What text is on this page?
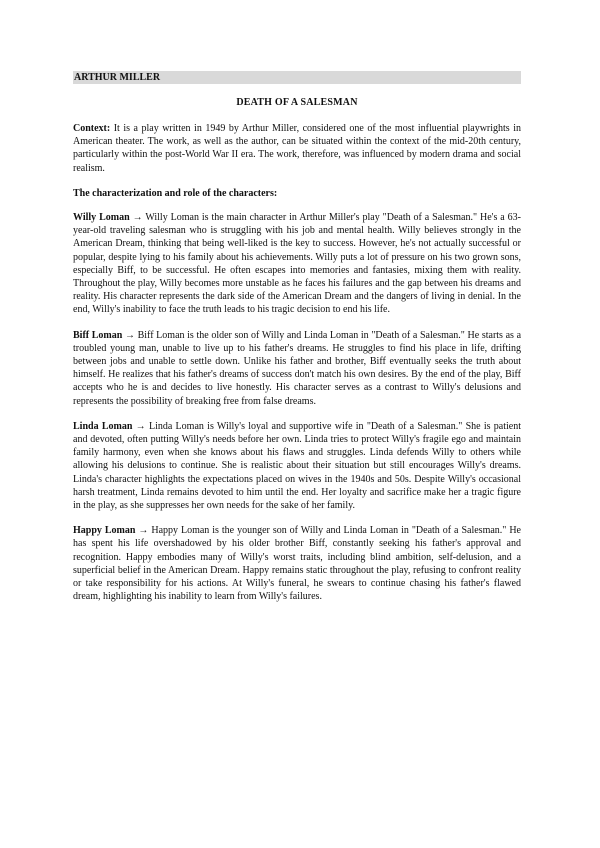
ARTHUR MILLER
DEATH OF A SALESMAN

Context: It is a play written in 1949 by Arthur Miller, considered one of the most influential playwrights in American theater. The work, as well as the author, can be situated within the context of the mid-20th century, particularly within the post-World War II era. The work, therefore, was influenced by modern drama and social realism.

The characterization and role of the characters:

Willy Loman → Willy Loman is the main character in Arthur Miller's play "Death of a Salesman." He's a 63-year-old traveling salesman who is struggling with his job and mental health. Willy believes strongly in the American Dream, thinking that being well-liked is the key to success. However, he's not actually successful or popular, despite lying to his family about his achievements. Willy puts a lot of pressure on his two grown sons, especially Biff, to be successful. He often escapes into memories and fantasies, mixing them with reality. Throughout the play, Willy becomes more unstable as he faces his failures and the gap between his dreams and reality. His character represents the dark side of the American Dream and the dangers of living in denial. In the end, Willy's inability to face the truth leads to his tragic decision to end his life.

Biff Loman → Biff Loman is the older son of Willy and Linda Loman in "Death of a Salesman." He starts as a troubled young man, unable to live up to his father's dreams. He struggles to find his place in life, drifting between jobs and unable to settle down. Unlike his father and brother, Biff eventually seeks the truth about himself. He realizes that his father's dreams of success don't match his own desires. By the end of the play, Biff accepts who he is and decides to live honestly. His character serves as a contrast to Willy's delusions and represents the possibility of breaking free from false dreams.

Linda Loman → Linda Loman is Willy's loyal and supportive wife in "Death of a Salesman." She is patient and devoted, often putting Willy's needs before her own. Linda tries to protect Willy's fragile ego and maintain family harmony, even when she knows about his flaws and struggles. Linda defends Willy to others while allowing his delusions to continue. She is realistic about their situation but still encourages Willy's dreams. Linda's character highlights the expectations placed on wives in the 1940s and 50s. Despite Willy's occasional harsh treatment, Linda remains devoted to him until the end. Her loyalty and sacrifice make her a tragic figure in the play, as she suppresses her own needs for the sake of her family.

Happy Loman → Happy Loman is the younger son of Willy and Linda Loman in "Death of a Salesman." He has spent his life overshadowed by his older brother Biff, constantly seeking his father's approval and recognition. Happy embodies many of Willy's worst traits, including blind ambition, self-delusion, and a superficial belief in the American Dream. Happy remains static throughout the play, refusing to confront reality or take responsibility for his actions. At Willy's funeral, he swears to continue chasing his father's flawed dream, highlighting his inability to learn from Willy's failures.
